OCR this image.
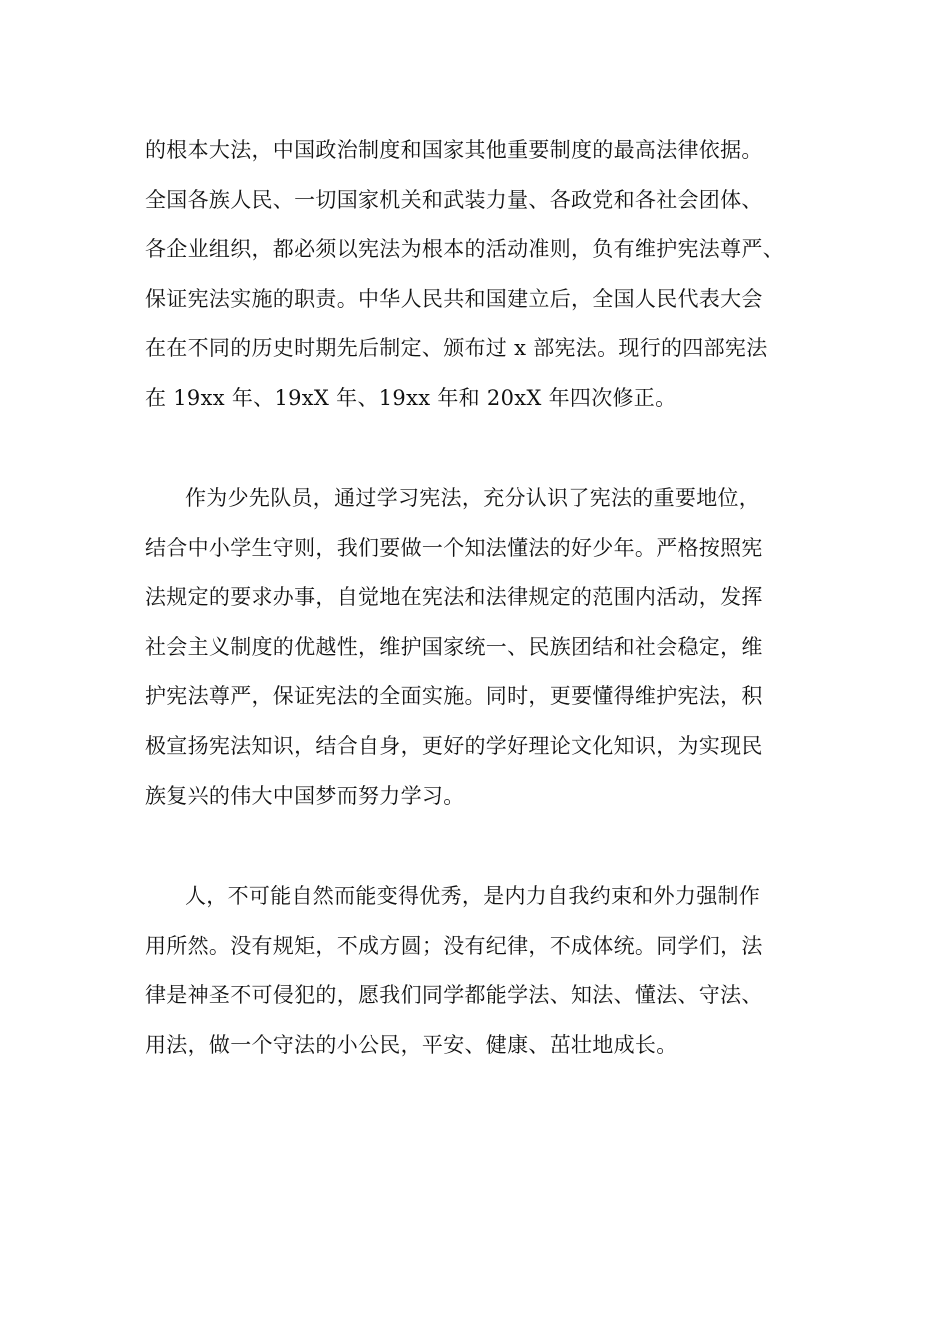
的根本大法，中国政治制度和国家其他重要制度的最高法律依据。
全国各族人民、一切国家机关和武装力量、各政党和各社会团体、
各企业组织，都必须以宪法为根本的活动准则，负有维护宪法尊严、
保证宪法实施的职责。中华人民共和国建立后，全国人民代表大会
在在不同的历史时期先后制定、颁布过 x 部宪法。现行的四部宪法
在 19xx 年、19xX 年、19xx 年和 20xX 年四次修正。
作为少先队员，通过学习宪法，充分认识了宪法的重要地位，
结合中小学生守则，我们要做一个知法懂法的好少年。严格按照宪
法规定的要求办事，自觉地在宪法和法律规定的范围内活动，发挥
社会主义制度的优越性，维护国家统一、民族团结和社会稳定，维
护宪法尊严，保证宪法的全面实施。同时，更要懂得维护宪法，积
极宣扬宪法知识，结合自身，更好的学好理论文化知识，为实现民
族复兴的伟大中国梦而努力学习。
人，不可能自然而能变得优秀，是内力自我约束和外力强制作
用所然。没有规矩，不成方圆；没有纪律，不成体统。同学们，法
律是神圣不可侵犯的，愿我们同学都能学法、知法、懂法、守法、
用法，做一个守法的小公民，平安、健康、茁壮地成长。
